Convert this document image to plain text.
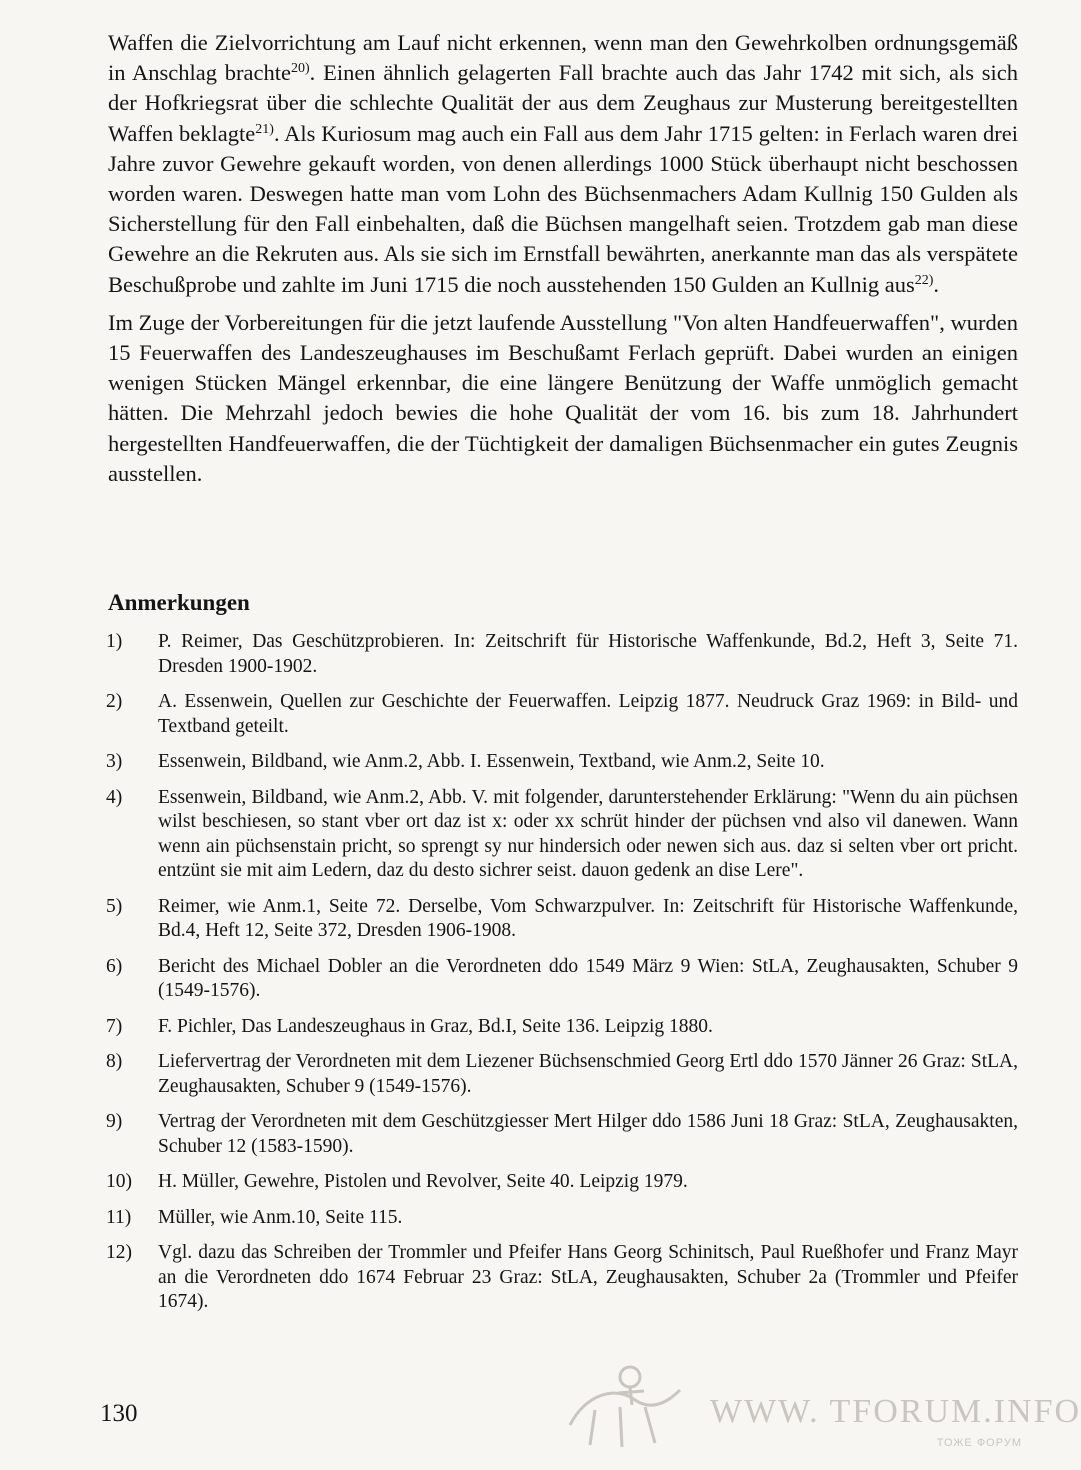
Waffen die Zielvorrichtung am Lauf nicht erkennen, wenn man den Gewehrkolben ordnungsgemäß in Anschlag brachte$^{20)}$. Einen ähnlich gelagerten Fall brachte auch das Jahr 1742 mit sich, als sich der Hofkriegsrat über die schlechte Qualität der aus dem Zeughaus zur Musterung bereitgestellten Waffen beklagte$^{21)}$. Als Kuriosum mag auch ein Fall aus dem Jahr 1715 gelten: in Ferlach waren drei Jahre zuvor Gewehre gekauft worden, von denen allerdings 1000 Stück überhaupt nicht beschossen worden waren. Deswegen hatte man vom Lohn des Büchsenmachers Adam Kullnig 150 Gulden als Sicherstellung für den Fall einbehalten, daß die Büchsen mangelhaft seien. Trotzdem gab man diese Gewehre an die Rekruten aus. Als sie sich im Ernstfall bewährten, anerkannte man das als verspätete Beschußprobe und zahlte im Juni 1715 die noch ausstehenden 150 Gulden an Kullnig aus$^{22)}$.

Im Zuge der Vorbereitungen für die jetzt laufende Ausstellung "Von alten Handfeuerwaffen", wurden 15 Feuerwaffen des Landeszeughauses im Beschußamt Ferlach geprüft. Dabei wurden an einigen wenigen Stücken Mängel erkennbar, die eine längere Benützung der Waffe unmöglich gemacht hätten. Die Mehrzahl jedoch bewies die hohe Qualität der vom 16. bis zum 18. Jahrhundert hergestellten Handfeuerwaffen, die der Tüchtigkeit der damaligen Büchsenmacher ein gutes Zeugnis ausstellen.

Anmerkungen
1)	P. Reimer, Das Geschützprobieren. In: Zeitschrift für Historische Waffenkunde, Bd.2, Heft 3, Seite 71. Dresden 1900-1902.
2)	A. Essenwein, Quellen zur Geschichte der Feuerwaffen. Leipzig 1877. Neudruck Graz 1969: in Bild- und Textband geteilt.
3)	Essenwein, Bildband, wie Anm.2, Abb. I. Essenwein, Textband, wie Anm.2, Seite 10.
4)	Essenwein, Bildband, wie Anm.2, Abb. V. mit folgender, darunterstehender Erklärung: "Wenn du ain püchsen wilst beschiesen, so stant vber ort daz ist x: oder xx schrüt hinder der püchsen vnd also vil danewen. Wann wenn ain püchsenstain pricht, so sprengt sy nur hindersich oder newen sich aus. daz si selten vber ort pricht. entzünt sie mit aim Ledern, daz du desto sichrer seist. dauon gedenk an dise Lere".
5)	Reimer, wie Anm.1, Seite 72. Derselbe, Vom Schwarzpulver. In: Zeitschrift für Historische Waffenkunde, Bd.4, Heft 12, Seite 372, Dresden 1906-1908.
6)	Bericht des Michael Dobler an die Verordneten ddo 1549 März 9 Wien: StLA, Zeughausakten, Schuber 9 (1549-1576).
7)	F. Pichler, Das Landeszeughaus in Graz, Bd.I, Seite 136. Leipzig 1880.
8)	Liefervertrag der Verordneten mit dem Liezener Büchsenschmied Georg Ertl ddo 1570 Jänner 26 Graz: StLA, Zeughausakten, Schuber 9 (1549-1576).
9)	Vertrag der Verordneten mit dem Geschützgiesser Mert Hilger ddo 1586 Juni 18 Graz: StLA, Zeughausakten, Schuber 12 (1583-1590).
10)	H. Müller, Gewehre, Pistolen und Revolver, Seite 40. Leipzig 1979.
11)	Müller, wie Anm.10, Seite 115.
12)	Vgl. dazu das Schreiben der Trommler und Pfeifer Hans Georg Schinitsch, Paul Rueßhofer und Franz Mayr an die Verordneten ddo 1674 Februar 23 Graz: StLA, Zeughausakten, Schuber 2a (Trommler und Pfeifer 1674).
130	WWW. TFORUM.INFO
ТОЖЕ ФОРУМ
